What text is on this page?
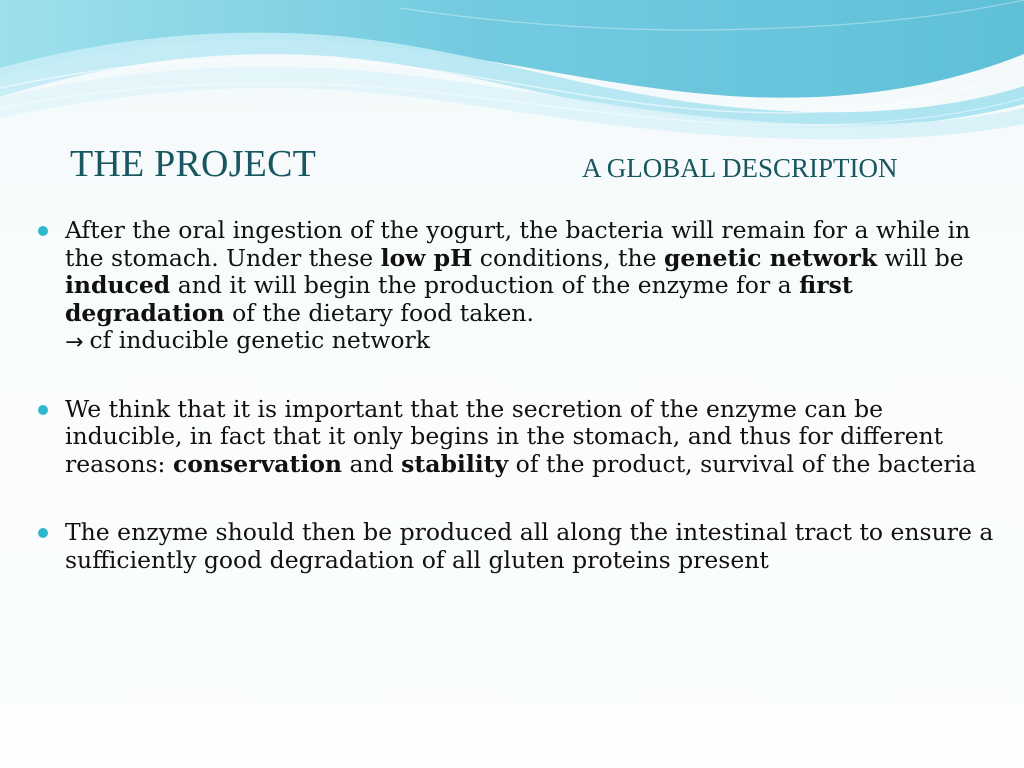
THE PROJECT	A GLOBAL DESCRIPTION
After the oral ingestion of the yogurt, the bacteria will remain for a while in the stomach. Under these low pH conditions, the genetic network will be induced and it will begin the production of the enzyme for a first degradation of the dietary food taken.
→ cf inducible genetic network
We think that it is important that the secretion of the enzyme can be inducible, in fact that it only begins in the stomach, and thus for different reasons: conservation and stability of the product, survival of the bacteria
The enzyme should then be produced all along the intestinal tract to ensure a sufficiently good degradation of all gluten proteins present
